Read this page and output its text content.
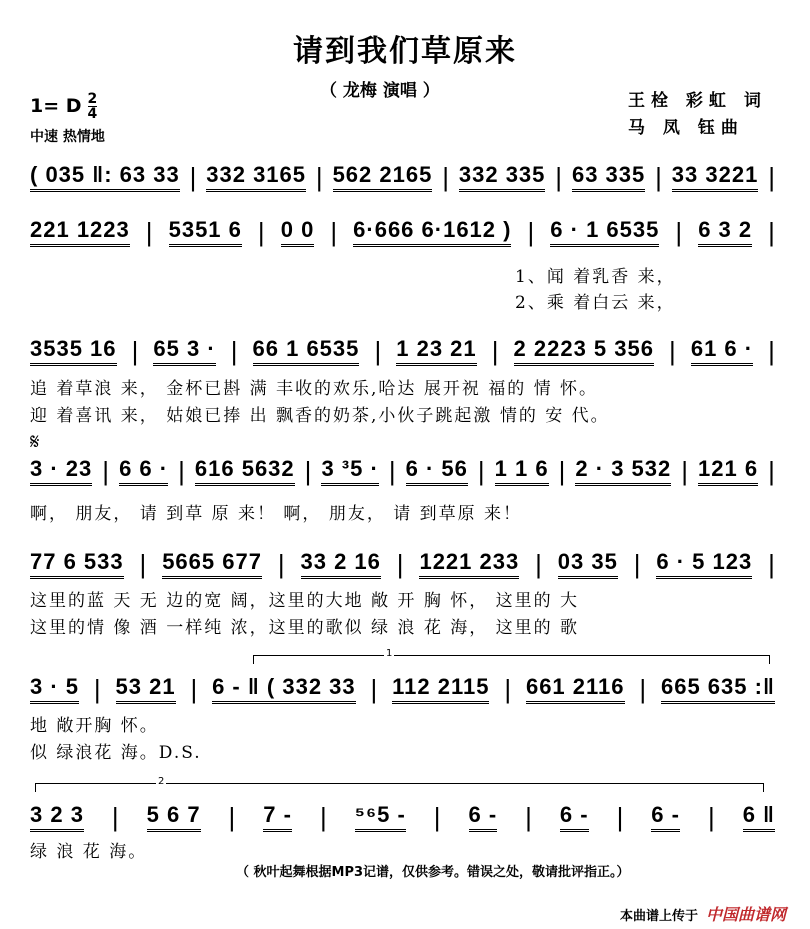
请到我们草原来
（ 龙梅 演唱 ）
1= D $\frac{2}{4}$
中速 热情地
王栓 彩虹 词
马 凤 钰曲
( 035 ‖: 63 33 | 332 3165 | 562 2165 | 332 335 | 63 335 | 33 3221 |
221 1223 | 5351 6 | 0 0 | 6·666 6·1612 ) | 6 · 1 6535 | 6 3 2 |
1、闻 着乳香 来，
2、乘 着白云 来，
3535 16 | 65 3 · | 66 1 6535 | 1 23 21 | 2 2223 5 356 | 61 6 · |
追 着草浪 来， 金杯已斟 满 丰收的欢乐,哈达 展开祝 福的 情 怀。
迎 着喜讯 来， 姑娘已捧 出 飘香的奶茶,小伙子跳起激 情的 安 代。
𝄋
3 · 23 | 6 6 · | 616 5632 | 3 ³5 · | 6 · 56 | 1 1 6 | 2 · 3 532 | 121 6 |
啊， 朋友， 请 到草 原 来！ 啊， 朋友， 请 到草原 来！
77 6 533 | 5665 677 | 33 2 16 | 1221 233 | 03 35 | 6 · 5 123 |
这里的蓝 天 无 边的宽 阔，这里的大地 敞 开 胸 怀， 这里的 大
这里的情 像 酒 一样纯 浓，这里的歌似 绿 浪 花 海， 这里的 歌
1
3 · 5 | 53 21 | 6 - ‖ ( 332 33 | 112 2115 | 661 2116 | 665 635 :‖
地 敞开胸 怀。
似 绿浪花 海。D.S.
2
3 2 3 | 5 6 7 | 7 - | ⁵⁶5 - | 6 - | 6 - | 6 - | 6 ‖
绿 浪 花 海。
（ 秋叶起舞根据MP3记谱，仅供参考。错误之处，敬请批评指正。）
本曲谱上传于 中国曲谱网
